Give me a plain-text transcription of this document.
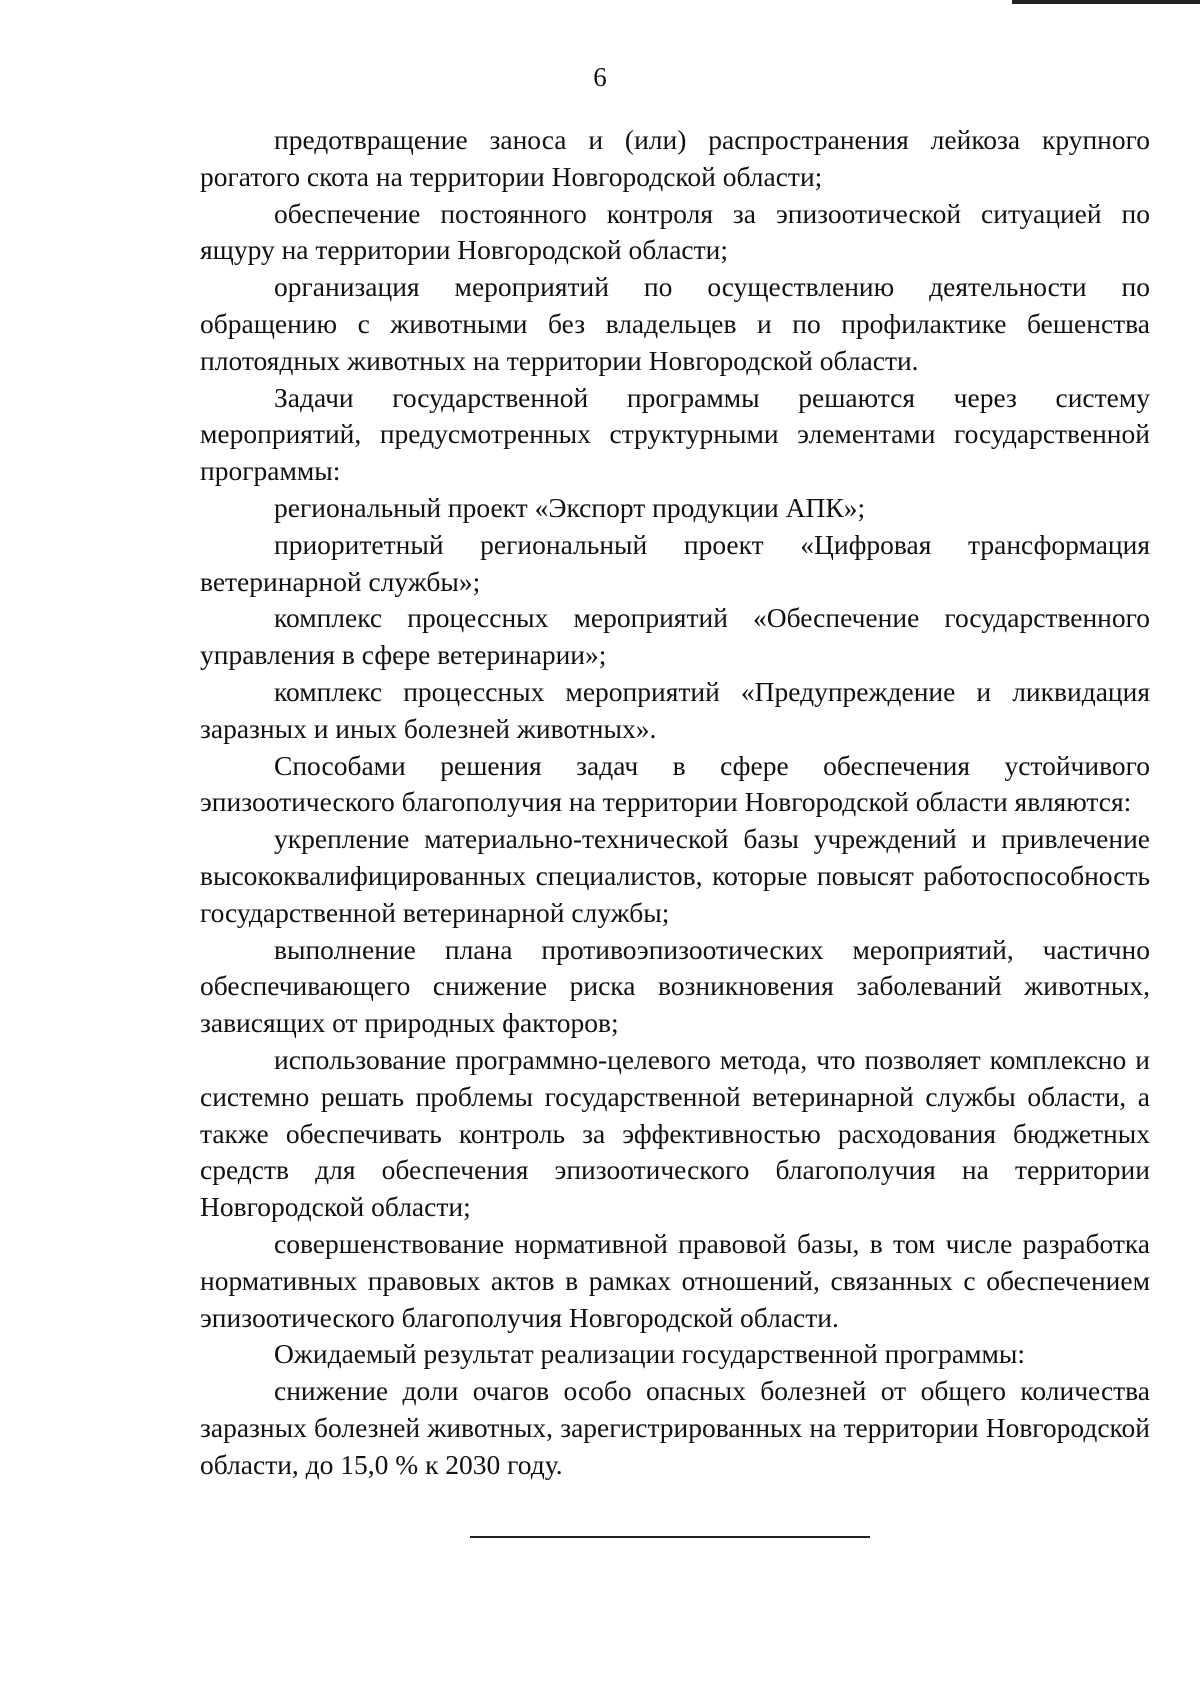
6

предотвращение заноса и (или) распространения лейкоза крупного рогатого скота на территории Новгородской области;

обеспечение постоянного контроля за эпизоотической ситуацией по ящуру на территории Новгородской области;

организация мероприятий по осуществлению деятельности по обращению с животными без владельцев и по профилактике бешенства плотоядных животных на территории Новгородской области.

Задачи государственной программы решаются через систему мероприятий, предусмотренных структурными элементами государственной программы:

региональный проект «Экспорт продукции АПК»;

приоритетный региональный проект «Цифровая трансформация ветеринарной службы»;

комплекс процессных мероприятий «Обеспечение государственного управления в сфере ветеринарии»;

комплекс процессных мероприятий «Предупреждение и ликвидация заразных и иных болезней животных».

Способами решения задач в сфере обеспечения устойчивого эпизоотического благополучия на территории Новгородской области являются:

укрепление материально-технической базы учреждений и привлечение высококвалифицированных специалистов, которые повысят работоспособность государственной ветеринарной службы;

выполнение плана противоэпизоотических мероприятий, частично обеспечивающего снижение риска возникновения заболеваний животных, зависящих от природных факторов;

использование программно-целевого метода, что позволяет комплексно и системно решать проблемы государственной ветеринарной службы области, а также обеспечивать контроль за эффективностью расходования бюджетных средств для обеспечения эпизоотического благополучия на территории Новгородской области;

совершенствование нормативной правовой базы, в том числе разработка нормативных правовых актов в рамках отношений, связанных с обеспечением эпизоотического благополучия Новгородской области.

Ожидаемый результат реализации государственной программы:

снижение доли очагов особо опасных болезней от общего количества заразных болезней животных, зарегистрированных на территории Новгородской области, до 15,0 % к 2030 году.
